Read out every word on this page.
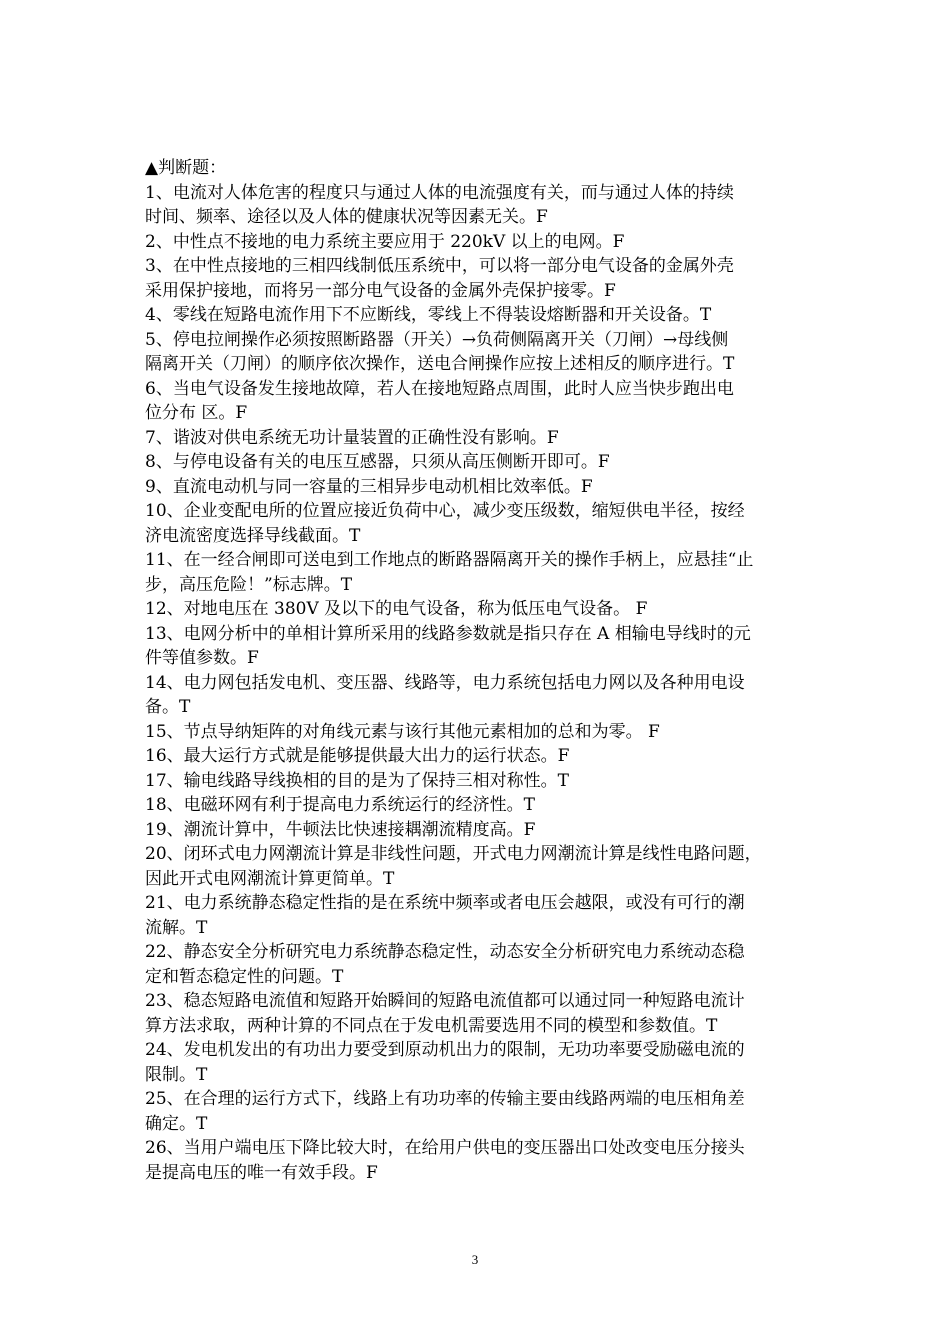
▲判断题：
1、电流对人体危害的程度只与通过人体的电流强度有关，而与通过人体的持续
时间、频率、途径以及人体的健康状况等因素无关。F
2、中性点不接地的电力系统主要应用于 220kV 以上的电网。F
3、在中性点接地的三相四线制低压系统中，可以将一部分电气设备的金属外壳
采用保护接地，而将另一部分电气设备的金属外壳保护接零。F
4、零线在短路电流作用下不应断线，零线上不得装设熔断器和开关设备。T
5、停电拉闸操作必须按照断路器（开关）→负荷侧隔离开关（刀闸）→母线侧
隔离开关（刀闸）的顺序依次操作，送电合闸操作应按上述相反的顺序进行。T
6、当电气设备发生接地故障，若人在接地短路点周围，此时人应当快步跑出电
位分布 区。F
7、谐波对供电系统无功计量装置的正确性没有影响。F
8、与停电设备有关的电压互感器，只须从高压侧断开即可。F
9、直流电动机与同一容量的三相异步电动机相比效率低。F
10、企业变配电所的位置应接近负荷中心，减少变压级数，缩短供电半径，按经
济电流密度选择导线截面。T
11、在一经合闸即可送电到工作地点的断路器隔离开关的操作手柄上，应悬挂“止
步，高压危险！”标志牌。T
12、对地电压在 380V 及以下的电气设备，称为低压电气设备。 F
13、电网分析中的单相计算所采用的线路参数就是指只存在 A 相输电导线时的元
件等值参数。F
14、电力网包括发电机、变压器、线路等，电力系统包括电力网以及各种用电设
备。T
15、节点导纳矩阵的对角线元素与该行其他元素相加的总和为零。 F
16、最大运行方式就是能够提供最大出力的运行状态。F
17、输电线路导线换相的目的是为了保持三相对称性。T
18、电磁环网有利于提高电力系统运行的经济性。T
19、潮流计算中，牛顿法比快速接耦潮流精度高。F
20、闭环式电力网潮流计算是非线性问题，开式电力网潮流计算是线性电路问题，
因此开式电网潮流计算更简单。T
21、电力系统静态稳定性指的是在系统中频率或者电压会越限，或没有可行的潮
流解。T
22、静态安全分析研究电力系统静态稳定性，动态安全分析研究电力系统动态稳
定和暂态稳定性的问题。T
23、稳态短路电流值和短路开始瞬间的短路电流值都可以通过同一种短路电流计
算方法求取，两种计算的不同点在于发电机需要选用不同的模型和参数值。T
24、发电机发出的有功出力要受到原动机出力的限制，无功功率要受励磁电流的
限制。T
25、在合理的运行方式下，线路上有功功率的传输主要由线路两端的电压相角差
确定。T
26、当用户端电压下降比较大时，在给用户供电的变压器出口处改变电压分接头
是提高电压的唯一有效手段。F
3
